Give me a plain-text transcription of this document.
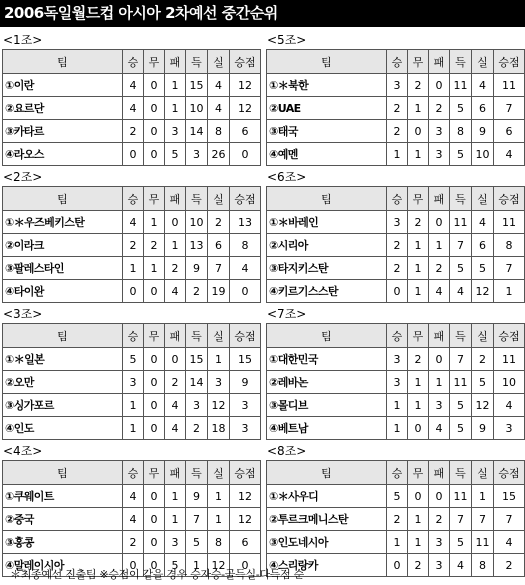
2006독일월드컵 아시아 2차예선 중간순위
<1조>
팀	승	무	패	득	실	승점
①이란	4	0	1	15	4	12
②요르단	4	0	1	10	4	12
③카타르	2	0	3	14	8	6
④라오스	0	0	5	3	26	0
<2조>
팀	승	무	패	득	실	승점
①＊우즈베키스탄	4	1	0	10	2	13
②이라크	2	2	1	13	6	8
③팔레스타인	1	1	2	9	7	4
④타이완	0	0	4	2	19	0
<3조>
팀	승	무	패	득	실	승점
①＊일본	5	0	0	15	1	15
②오만	3	0	2	14	3	9
③싱가포르	1	0	4	3	12	3
④인도	1	0	4	2	18	3
<4조>
팀	승	무	패	득	실	승점
①쿠웨이트	4	0	1	9	1	12
②중국	4	0	1	7	1	12
③홍콩	2	0	3	5	8	6
④말레이시아	0	0	5	1	12	0
<5조>
팀	승	무	패	득	실	승점
①＊북한	3	2	0	11	4	11
②UAE	2	1	2	5	6	7
③태국	2	0	3	8	9	6
④예멘	1	1	3	5	10	4
<6조>
팀	승	무	패	득	실	승점
①＊바레인	3	2	0	11	4	11
②시리아	2	1	1	7	6	8
③타지키스탄	2	1	2	5	5	7
④키르기스스탄	0	1	4	4	12	1
<7조>
팀	승	무	패	득	실	승점
①대한민국	3	2	0	7	2	11
②레바논	3	1	1	11	5	10
③몰디브	1	1	3	5	12	4
④베트남	1	0	4	5	9	3
<8조>
팀	승	무	패	득	실	승점
①＊사우디	5	0	0	11	1	15
②투르크메니스탄	2	1	2	7	7	7
③인도네시아	1	1	3	5	11	4
④스리랑카	0	2	3	4	8	2
＊최종예선 진출팀 ※승점이 같을 경우 승자승-골득실-다득점 순
